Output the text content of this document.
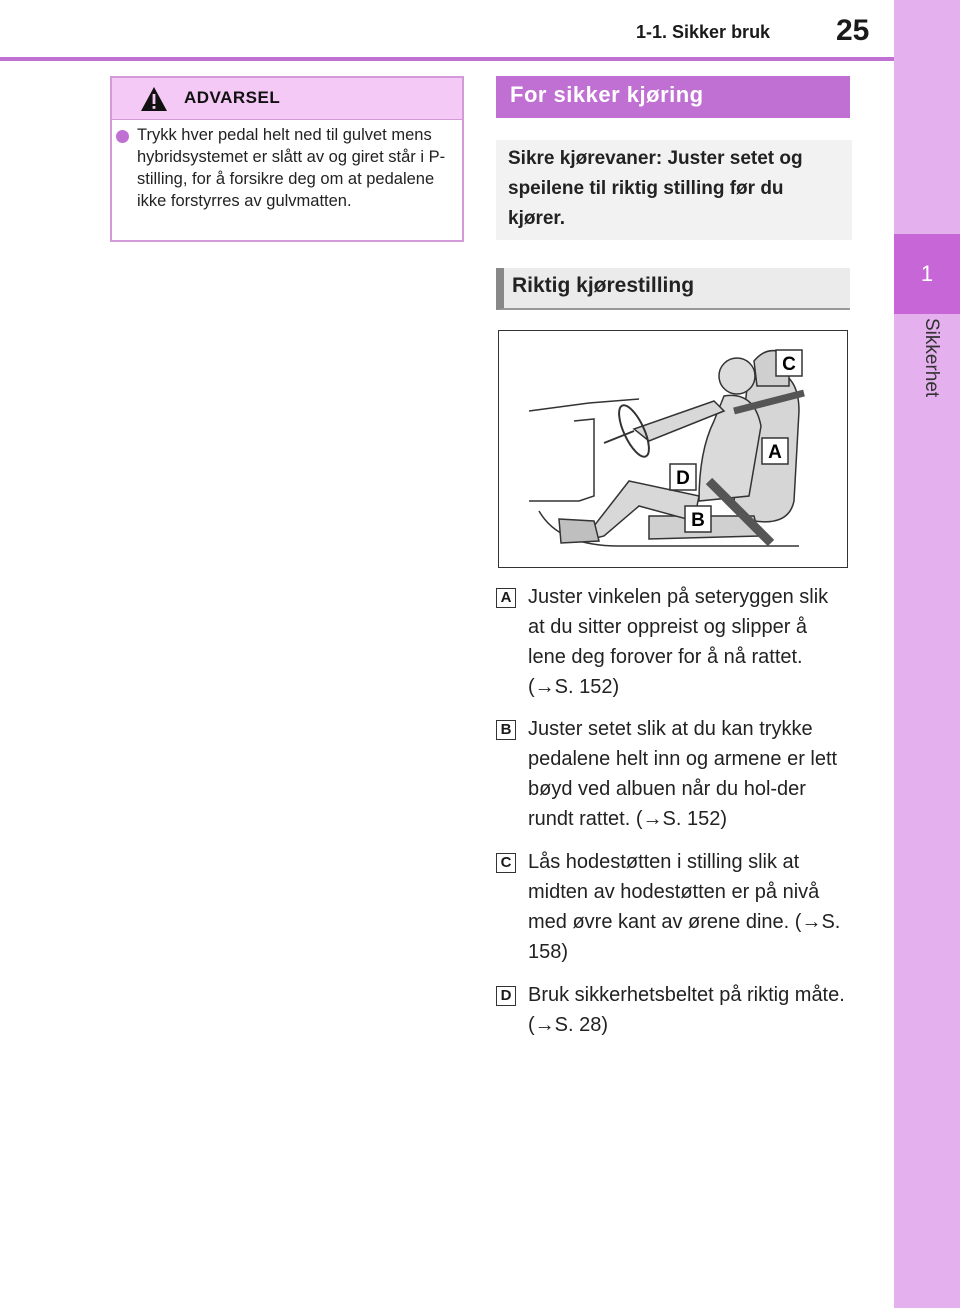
1
Sikkerhet
1-1. Sikker bruk 25
ADVARSEL
Trykk hver pedal helt ned til gulvet mens hybridsystemet er slått av og giret står i P-stilling, for å forsikre deg om at pedalene ikke forstyrres av gulvmatten.
For sikker kjøring
Sikre kjørevaner: Juster setet og speilene til riktig stilling før du kjører.
Riktig kjørestilling
C
A
D
B
A Juster vinkelen på seteryggen slik at du sitter oppreist og slipper å lene deg forover for å nå rattet. (→S. 152)
B Juster setet slik at du kan trykke pedalene helt inn og armene er lett bøyd ved albuen når du hol-der rundt rattet. (→S. 152)
C Lås hodestøtten i stilling slik at midten av hodestøtten er på nivå med øvre kant av ørene dine. (→S. 158)
D Bruk sikkerhetsbeltet på riktig måte. (→S. 28)
